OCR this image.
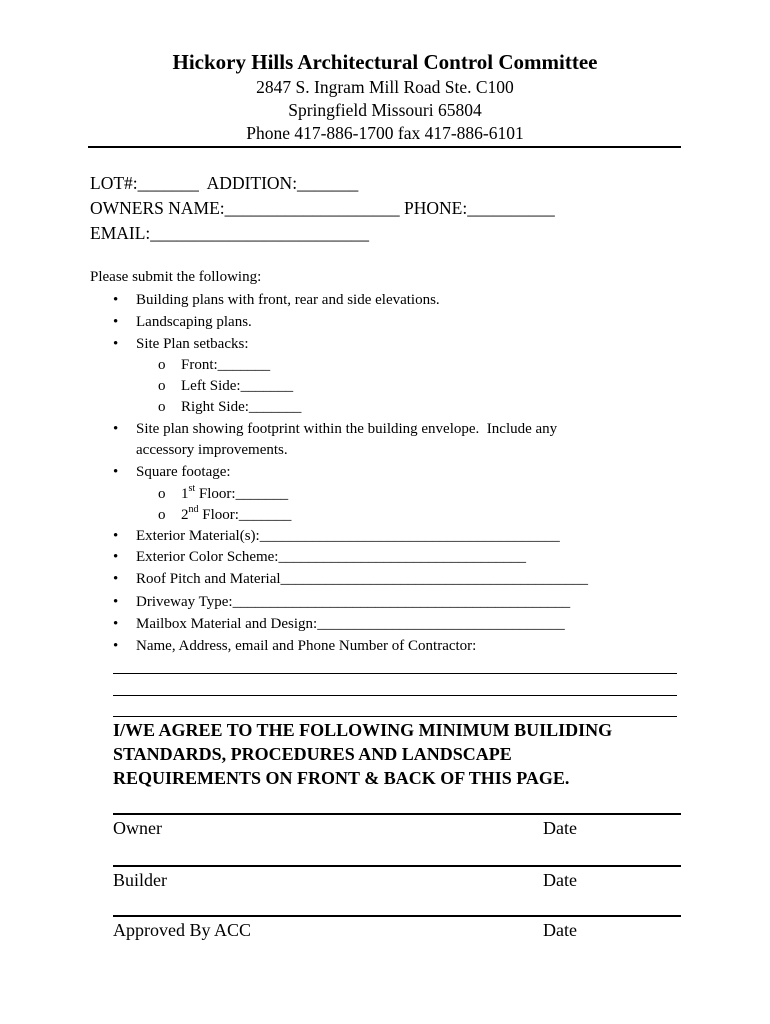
Hickory Hills Architectural Control Committee
2847 S. Ingram Mill Road Ste. C100
Springfield Missouri 65804
Phone 417-886-1700 fax 417-886-6101
LOT#:_______  ADDITION:_______
OWNERS NAME:____________________ PHONE:__________
EMAIL:_________________________
Please submit the following:
• Building plans with front, rear and side elevations.
• Landscaping plans.
• Site Plan setbacks:
o Front:_______
o Left Side:_______
o Right Side:_______
• Site plan showing footprint within the building envelope.  Include any
accessory improvements.
• Square footage:
o 1st Floor:_______
o 2nd Floor:_______
• Exterior Material(s):________________________________________
• Exterior Color Scheme:_________________________________
• Roof Pitch and Material_________________________________________
• Driveway Type:_____________________________________________
• Mailbox Material and Design:_________________________________
• Name, Address, email and Phone Number of Contractor:
I/WE AGREE TO THE FOLLOWING MINIMUM BUILIDING
STANDARDS, PROCEDURES AND LANDSCAPE
REQUIREMENTS ON FRONT & BACK OF THIS PAGE.
Owner	Date
Builder	Date
Approved By ACC	Date
